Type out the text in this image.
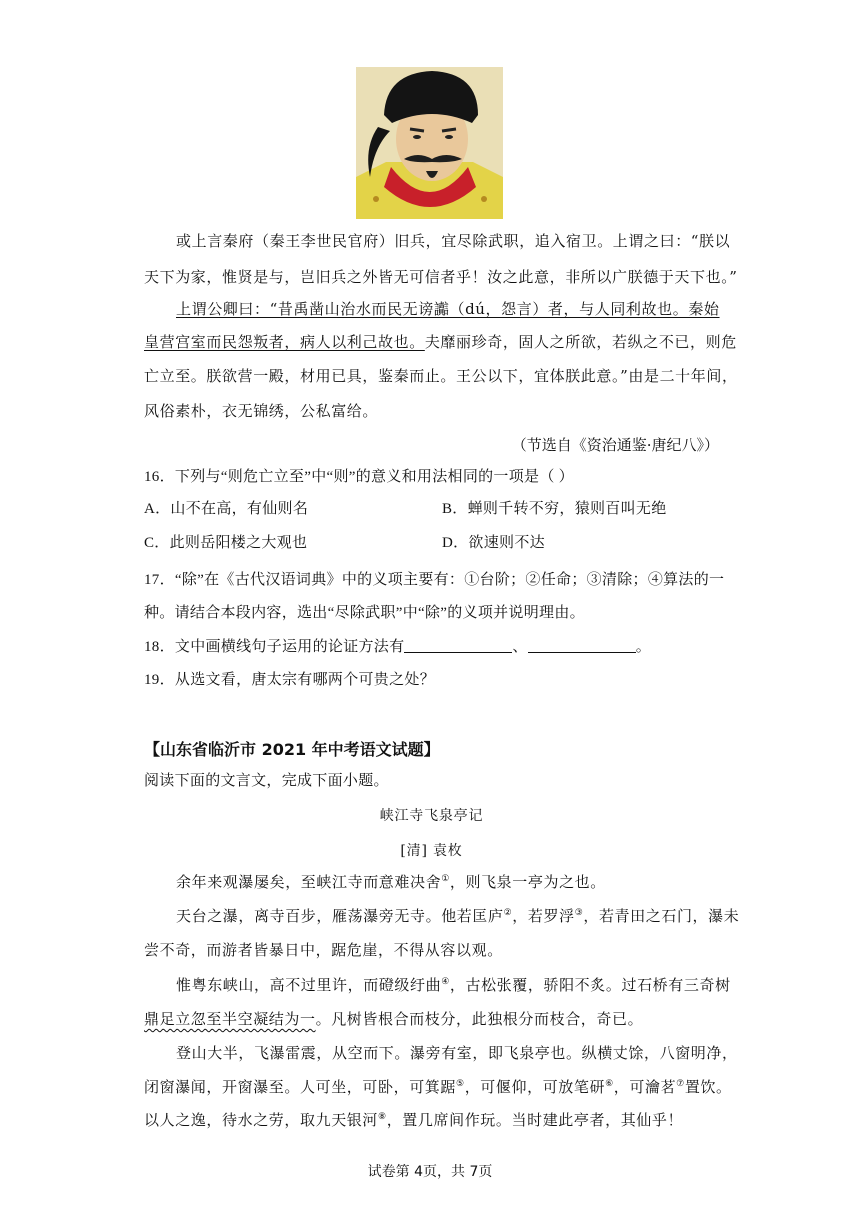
或上言秦府（秦王李世民官府）旧兵，宜尽除武职，追入宿卫。上谓之曰：“朕以
天下为家，惟贤是与，岂旧兵之外皆无可信者乎！汝之此意，非所以广朕德于天下也。”
上谓公卿曰：“昔禹凿山治水而民无谤讟（dú，怨言）者，与人同利故也。秦始
皇营宫室而民怨叛者，病人以利己故也。夫靡丽珍奇，固人之所欲，若纵之不已，则危
亡立至。朕欲营一殿，材用已具，鉴秦而止。王公以下，宜体朕此意。”由是二十年间，
风俗素朴，衣无锦绣，公私富给。
（节选自《资治通鉴·唐纪八》）
16．下列与“则危亡立至”中“则”的意义和用法相同的一项是（ ）
A．山不在高，有仙则名	B．蝉则千转不穷，猿则百叫无绝
C．此则岳阳楼之大观也	D．欲速则不达
17．“除”在《古代汉语词典》中的义项主要有：①台阶；②任命；③清除；④算法的一
种。请结合本段内容，选出“尽除武职”中“除”的义项并说明理由。
18．文中画横线句子运用的论证方法有	、	。
19．从选文看，唐太宗有哪两个可贵之处？
【山东省临沂市 2021 年中考语文试题】
阅读下面的文言文，完成下面小题。
峡江寺飞泉亭记
[清] 袁枚
余年来观瀑屡矣，至峡江寺而意难决舍①，则飞泉一亭为之也。
天台之瀑，离寺百步，雁荡瀑旁无寺。他若匡庐②，若罗浮③，若青田之石门，瀑未
尝不奇，而游者皆暴日中，踞危崖，不得从容以观。
惟粤东峡山，高不过里许，而磴级纡曲④，古松张覆，骄阳不炙。过石桥有三奇树
鼎足立忽至半空凝结为一。凡树皆根合而枝分，此独根分而枝合，奇已。
登山大半，飞瀑雷震，从空而下。瀑旁有室，即飞泉亭也。纵横丈馀，八窗明净，
闭窗瀑闻，开窗瀑至。人可坐，可卧，可箕踞⑤，可偃仰，可放笔研⑥，可瀹茗⑦置饮。
以人之逸，待水之劳，取九天银河⑧，置几席间作玩。当时建此亭者，其仙乎！
试卷第 4页，共 7页
